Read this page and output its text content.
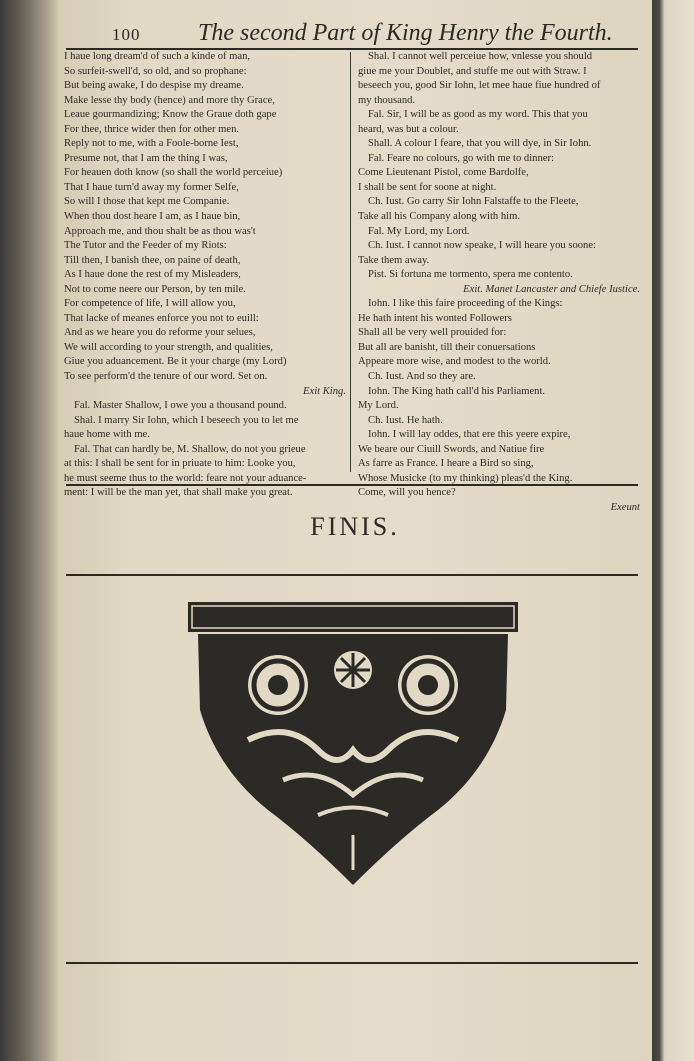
100 The second Part of King Henry the Fourth.
I haue long dream'd of such a kinde of man,
So surfeit-swell'd, so old, and so prophane:
But being awake, I do despise my dreame.
Make lesse thy body (hence) and more thy Grace,
Leaue gourmandizing; Know the Graue doth gape
For thee, thrice wider then for other men.
Reply not to me, with a Foole-borne Iest,
Presume not, that I am the thing I was,
For heauen doth know (so shall the world perceiue)
That I haue turn'd away my former Selfe,
So will I those that kept me Companie.
When thou dost heare I am, as I haue bin,
Approach me, and thou shalt be as thou was't
The Tutor and the Feeder of my Riots:
Till then, I banish thee, on paine of death,
As I haue done the rest of my Misleaders,
Not to come neere our Person, by ten mile.
For competence of life, I will allow you,
That lacke of meanes enforce you not to euill:
And as we heare you do reforme your selues,
We will according to your strength, and qualities,
Giue you aduancement. Be it your charge (my Lord)
To see perform'd the tenure of our word. Set on.
Exit King.
Fal. Master Shallow, I owe you a thousand pound.
Shal. I marry Sir Iohn, which I beseech you to let me
haue home with me.
Fal. That can hardly be, M. Shallow, do not you grieue
at this: I shall be sent for in priuate to him: Looke you,
he must seeme thus to the world: feare not your aduance-
ment: I will be the man yet, that shall make you great.
Shal. I cannot well perceiue how, vnlesse you should
giue me your Doublet, and stuffe me out with Straw. I
beseech you, good Sir Iohn, let mee haue fiue hundred of
my thousand.
Fal. Sir, I will be as good as my word. This that you
heard, was but a colour.
Shall. A colour I feare, that you will dye, in Sir Iohn.
Fal. Feare no colours, go with me to dinner:
Come Lieutenant Pistol, come Bardolfe,
I shall be sent for soone at night.
Ch. Iust. Go carry Sir Iohn Falstaffe to the Fleete,
Take all his Company along with him.
Fal. My Lord, my Lord.
Ch. Iust. I cannot now speake, I will heare you soone:
Take them away.
Pist. Si fortuna me tormento, spera me contento.
Exit. Manet Lancaster and Chiefe Iustice.
Iohn. I like this faire proceeding of the Kings:
He hath intent his wonted Followers
Shall all be very well prouided for:
But all are banisht, till their conuersations
Appeare more wise, and modest to the world.
Ch. Iust. And so they are.
Iohn. The King hath call'd his Parliament.
My Lord.
Ch. Iust. He hath.
Iohn. I will lay oddes, that ere this yeere expire,
We beare our Ciuill Swords, and Natiue fire
As farre as France. I heare a Bird so sing,
Whose Musicke (to my thinking) pleas'd the King.
Come, will you hence?
Exeunt
FINIS.
